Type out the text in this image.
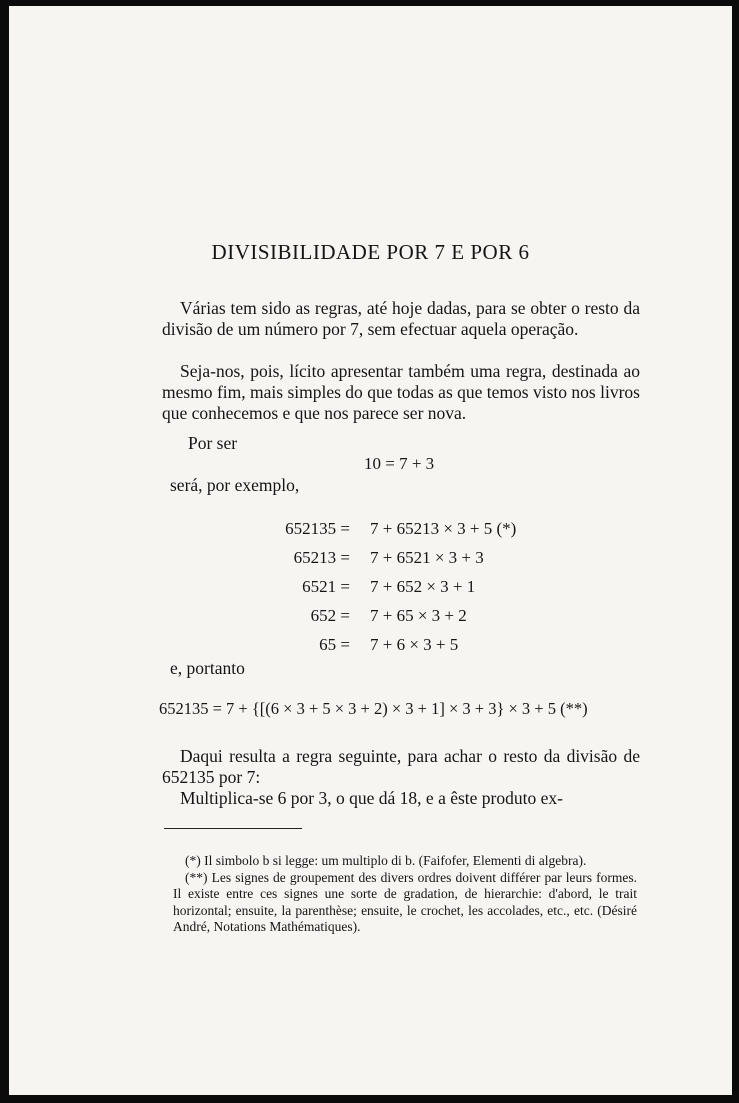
DIVISIBILIDADE POR 7 E POR 6
Várias tem sido as regras, até hoje dadas, para se obter o resto da divisão de um número por 7, sem efectuar aquela operação.
Seja-nos, pois, lícito apresentar também uma regra, destinada ao mesmo fim, mais simples do que todas as que temos visto nos livros que conhecemos e que nos parece ser nova.
Por ser
10 = 7 + 3
será, por exemplo,
652135 = 7 + 65213 × 3 + 5 (*)
65213 = 7 + 6521 × 3 + 3
6521 = 7 + 652 × 3 + 1
652 = 7 + 65 × 3 + 2
65 = 7 + 6 × 3 + 5
e, portanto
652135 = 7 + {[(6 × 3 + 5 × 3 + 2) × 3 + 1] × 3 + 3} × 3 + 5 (**)
Daqui resulta a regra seguinte, para achar o resto da divisão de 652135 por 7:
Multiplica-se 6 por 3, o que dá 18, e a êste produto ex-

(*) Il simbolo b si legge: um multiplo di b. (Faifofer, Elementi di algebra).

(**) Les signes de groupement des divers ordres doivent différer par leurs formes. Il existe entre ces signes une sorte de gradation, de hierarchie: d'abord, le trait horizontal; ensuite, la parenthèse; ensuite, le crochet, les accolades, etc., etc. (Désiré André, Notations Mathématiques).
